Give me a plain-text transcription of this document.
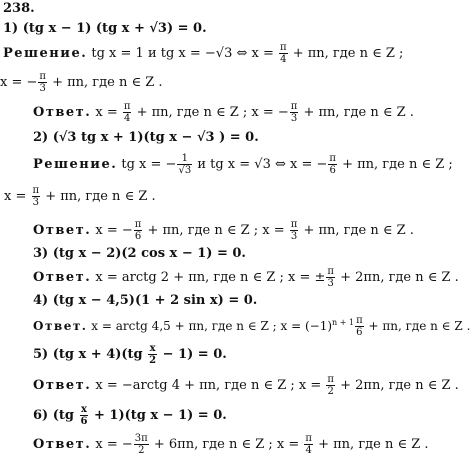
238.
1) (tg x − 1) (tg x + √3) = 0.
Решение. tg x = 1 и tg x = −√3 ⇔ $x = \frac{\pi}{4} + \pi n$, где n ∈ Z ;
x = − $\frac{\pi}{3} + \pi n$, где n ∈ Z .
Ответ. $x = \frac{\pi}{4} + \pi n$, где n ∈ Z ; x = − $\frac{\pi}{3} + \pi n$, где n ∈ Z .
2) (√3 tg x + 1)(tg x − √3 ) = 0.
Решение. tg x = − $\frac{1}{√3}$ и tg x = √3 ⇔ x = − $\frac{\pi}{6} + \pi n$, где n ∈ Z ;
$x = \frac{\pi}{3} + \pi n$, где n ∈ Z .
Ответ. x = − $\frac{\pi}{6} + \pi n$, где n ∈ Z ; $x = \frac{\pi}{3} + \pi n$, где n ∈ Z .
3) (tg x − 2)(2 cos x − 1) = 0.
Ответ. x = arctg 2 + πn, где n ∈ Z ; x = ± $\frac{\pi}{3} + 2\pi n$, где n ∈ Z .
4) (tg x − 4,5)(1 + 2 sin x) = 0.
Ответ. x = arctg 4,5 + πn, где n ∈ Z ; $x = (-1)^{n + 1} \frac{\pi}{6} + \pi n$, где n ∈ Z .
5) (tg $x + 4)(tg \frac{x}{2} - 1) = 0$.
Ответ. x = −arctg 4 + πn, где n ∈ Z ; $x = \frac{\pi}{2} + 2\pi n$, где n ∈ Z .
6) $(tg \frac{x}{6} + 1)(tg$ x − 1) = 0.
Ответ. x = − $\frac{3\pi}{2} + 6\pi n$, где n ∈ Z ; $x = \frac{\pi}{4} + \pi n$, где n ∈ Z .
